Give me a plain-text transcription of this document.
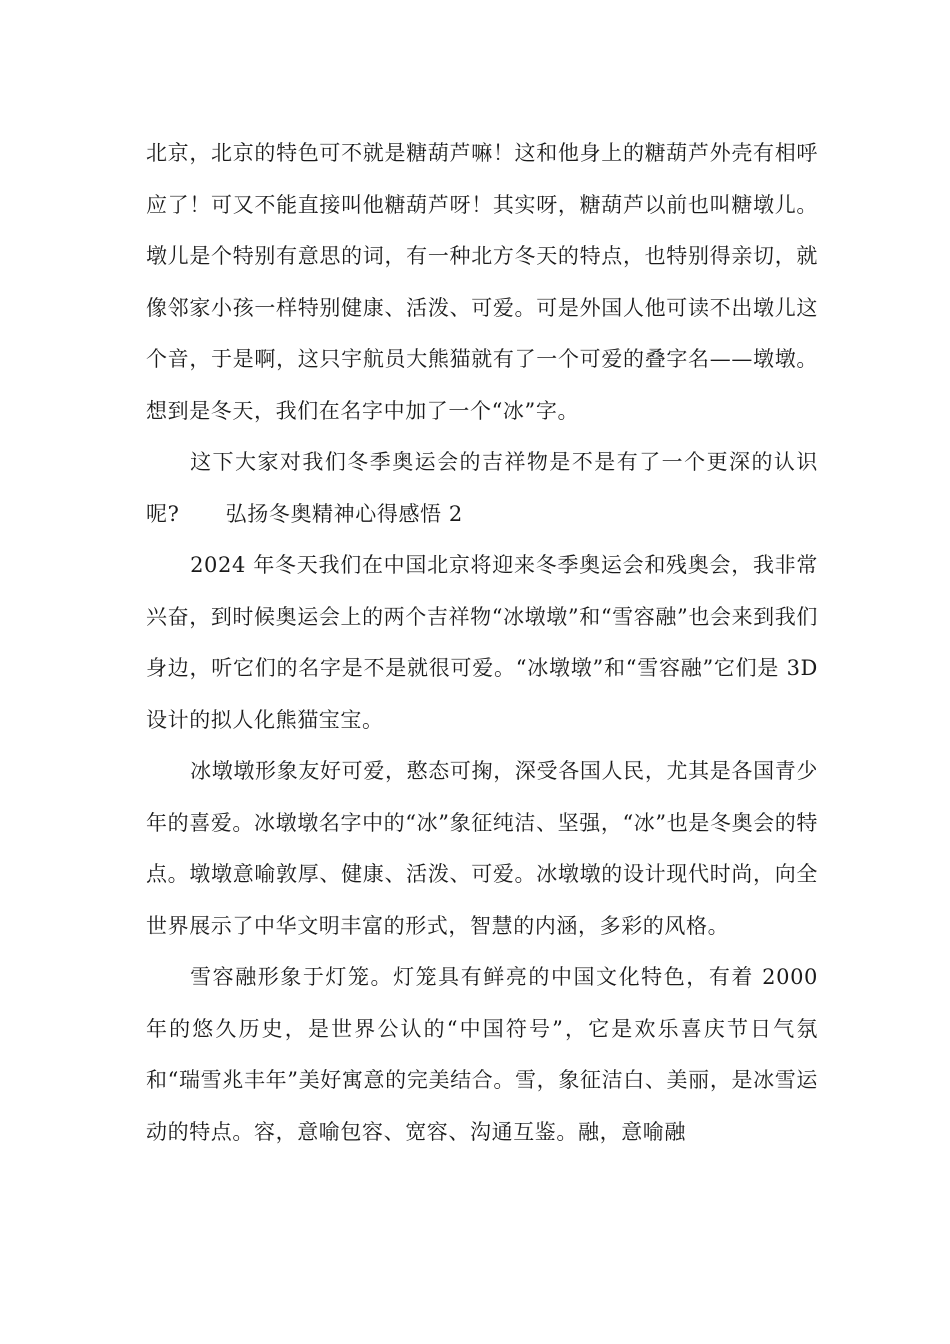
北京，北京的特色可不就是糖葫芦嘛！这和他身上的糖葫芦外壳有相呼应了！可又不能直接叫他糖葫芦呀！其实呀，糖葫芦以前也叫糖墩儿。墩儿是个特别有意思的词，有一种北方冬天的特点，也特别得亲切，就像邻家小孩一样特别健康、活泼、可爱。可是外国人他可读不出墩儿这个音，于是啊，这只宇航员大熊猫就有了一个可爱的叠字名——墩墩。想到是冬天，我们在名字中加了一个“冰”字。

这下大家对我们冬季奥运会的吉祥物是不是有了一个更深的认识呢? 弘扬冬奥精神心得感悟 2

2024 年冬天我们在中国北京将迎来冬季奥运会和残奥会，我非常兴奋，到时候奥运会上的两个吉祥物“冰墩墩”和“雪容融”也会来到我们身边，听它们的名字是不是就很可爱。“冰墩墩”和“雪容融”它们是 3D 设计的拟人化熊猫宝宝。

冰墩墩形象友好可爱，憨态可掬，深受各国人民，尤其是各国青少年的喜爱。冰墩墩名字中的“冰”象征纯洁、坚强，“冰”也是冬奥会的特点。墩墩意喻敦厚、健康、活泼、可爱。冰墩墩的设计现代时尚，向全世界展示了中华文明丰富的形式，智慧的内涵，多彩的风格。

雪容融形象于灯笼。灯笼具有鲜亮的中国文化特色，有着 2000 年的悠久历史，是世界公认的“中国符号”，它是欢乐喜庆节日气氛和“瑞雪兆丰年”美好寓意的完美结合。雪，象征洁白、美丽，是冰雪运动的特点。容，意喻包容、宽容、沟通互鉴。融，意喻融
